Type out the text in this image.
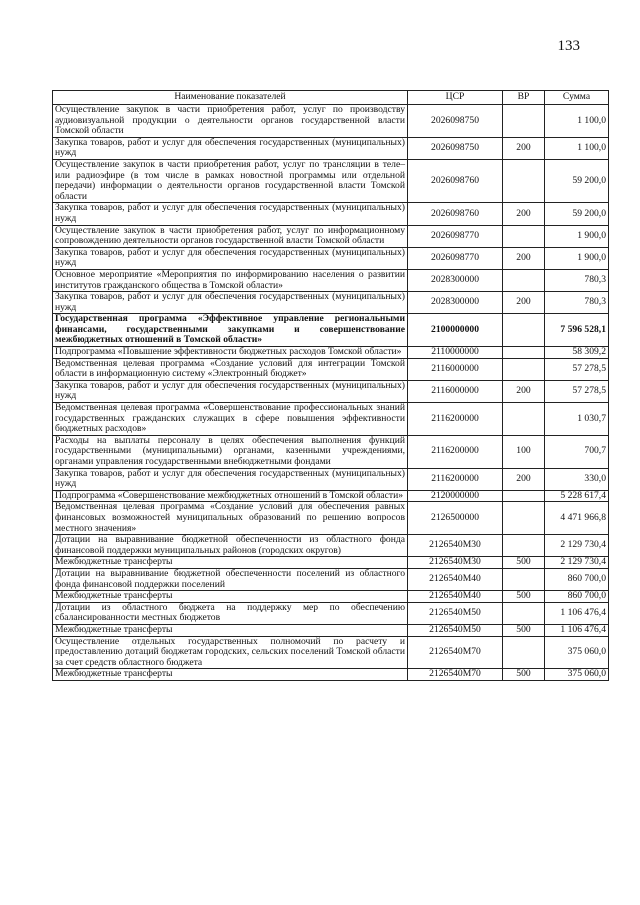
133
Наименование показателей	ЦСР	ВР	Сумма
Осуществление закупок в части приобретения работ, услуг по производству аудиовизуальной продукции о деятельности органов государственной власти Томской области	2026098750		1 100,0
Закупка товаров, работ и услуг для обеспечения государственных (муниципальных) нужд	2026098750	200	1 100,0
Осуществление закупок в части приобретения работ, услуг по трансляции в теле– или радиоэфире (в том числе в рамках новостной программы или отдельной передачи) информации о деятельности органов государственной власти Томской области	2026098760		59 200,0
Закупка товаров, работ и услуг для обеспечения государственных (муниципальных) нужд	2026098760	200	59 200,0
Осуществление закупок в части приобретения работ, услуг по информационному сопровождению деятельности органов государственной власти Томской области	2026098770		1 900,0
Закупка товаров, работ и услуг для обеспечения государственных (муниципальных) нужд	2026098770	200	1 900,0
Основное мероприятие «Мероприятия по информированию населения о развитии институтов гражданского общества в Томской области»	2028300000		780,3
Закупка товаров, работ и услуг для обеспечения государственных (муниципальных) нужд	2028300000	200	780,3
Государственная программа «Эффективное управление региональными финансами, государственными закупками и совершенствование межбюджетных отношений в Томской области»	2100000000		7 596 528,1
Подпрограмма «Повышение эффективности бюджетных расходов Томской области»	2110000000		58 309,2
Ведомственная целевая программа «Создание условий для интеграции Томской области в информационную систему «Электронный бюджет»	2116000000		57 278,5
Закупка товаров, работ и услуг для обеспечения государственных (муниципальных) нужд	2116000000	200	57 278,5
Ведомственная целевая программа «Совершенствование профессиональных знаний государственных гражданских служащих в сфере повышения эффективности бюджетных расходов»	2116200000		1 030,7
Расходы на выплаты персоналу в целях обеспечения выполнения функций государственными (муниципальными) органами, казенными учреждениями, органами управления государственными внебюджетными фондами	2116200000	100	700,7
Закупка товаров, работ и услуг для обеспечения государственных (муниципальных) нужд	2116200000	200	330,0
Подпрограмма «Совершенствование межбюджетных отношений в Томской области»	2120000000		5 228 617,4
Ведомственная целевая программа «Создание условий для обеспечения равных финансовых возможностей муниципальных образований по решению вопросов местного значения»	2126500000		4 471 966,8
Дотации на выравнивание бюджетной обеспеченности из областного фонда финансовой поддержки муниципальных районов (городских округов)	2126540М30		2 129 730,4
Межбюджетные трансферты	2126540М30	500	2 129 730,4
Дотации на выравнивание бюджетной обеспеченности поселений из областного фонда финансовой поддержки поселений	2126540М40		860 700,0
Межбюджетные трансферты	2126540М40	500	860 700,0
Дотации из областного бюджета на поддержку мер по обеспечению сбалансированности местных бюджетов	2126540М50		1 106 476,4
Межбюджетные трансферты	2126540М50	500	1 106 476,4
Осуществление отдельных государственных полномочий по расчету и предоставлению дотаций бюджетам городских, сельских поселений Томской области за счет средств областного бюджета	2126540М70		375 060,0
Межбюджетные трансферты	2126540М70	500	375 060,0
